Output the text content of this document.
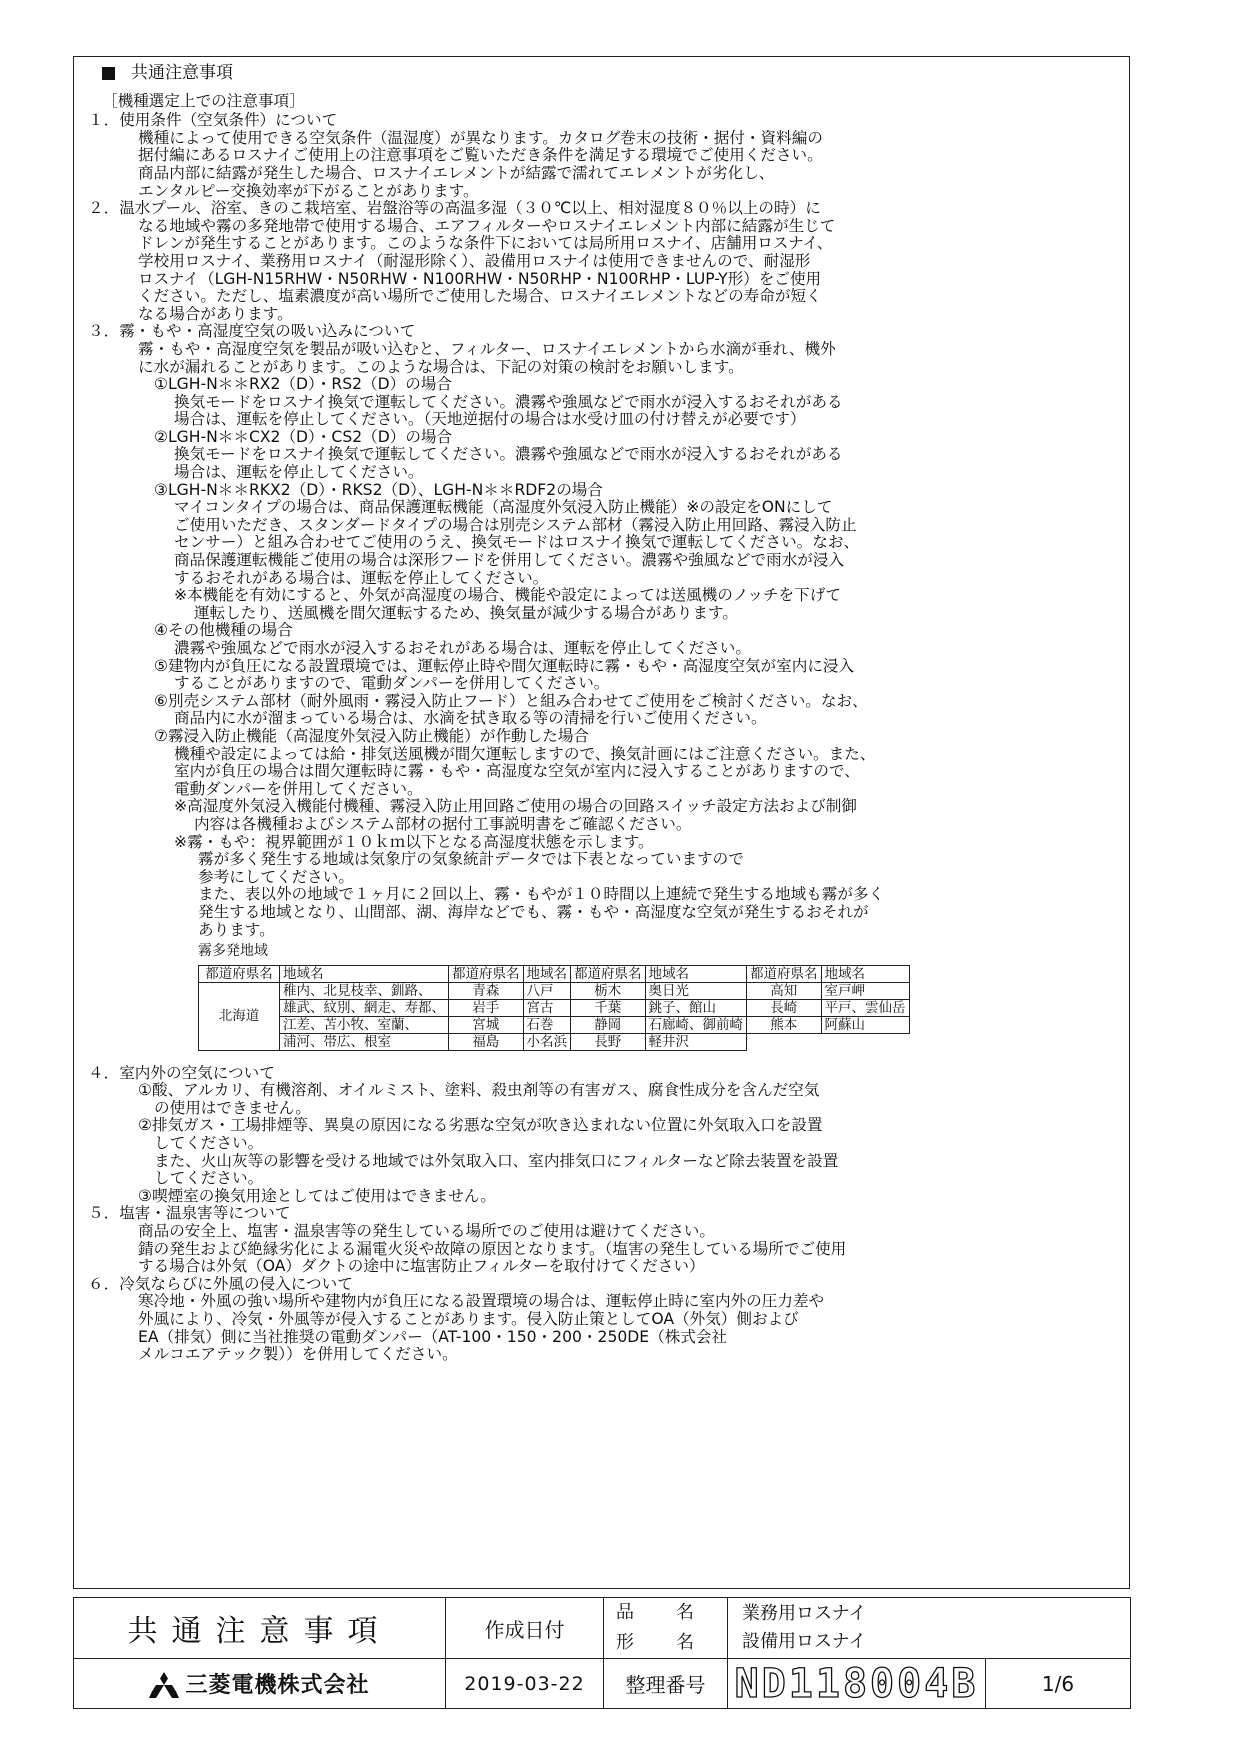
共通注意事項
［機種選定上での注意事項］
１．使用条件（空気条件）について
機種によって使用できる空気条件（温湿度）が異なります。カタログ巻末の技術・据付・資料編の
据付編にあるロスナイご使用上の注意事項をご覧いただき条件を満足する環境でご使用ください。
商品内部に結露が発生した場合、ロスナイエレメントが結露で濡れてエレメントが劣化し、
エンタルピー交換効率が下がることがあります。
２．温水プール、浴室、きのこ栽培室、岩盤浴等の高温多湿（３０℃以上、相対湿度８０％以上の時）に
なる地域や霧の多発地帯で使用する場合、エアフィルターやロスナイエレメント内部に結露が生じて
ドレンが発生することがあります。このような条件下においては局所用ロスナイ、店舗用ロスナイ、
学校用ロスナイ、業務用ロスナイ（耐湿形除く）、設備用ロスナイは使用できませんので、耐湿形
ロスナイ（LGH-N15RHW・N50RHW・N100RHW・N50RHP・N100RHP・LUP-Y形）をご使用
ください。ただし、塩素濃度が高い場所でご使用した場合、ロスナイエレメントなどの寿命が短く
なる場合があります。
３．霧・もや・高湿度空気の吸い込みについて
霧・もや・高湿度空気を製品が吸い込むと、フィルター、ロスナイエレメントから水滴が垂れ、機外
に水が漏れることがあります。このような場合は、下記の対策の検討をお願いします。
①LGH-N＊＊RX2（D）・RS2（D）の場合
換気モードをロスナイ換気で運転してください。濃霧や強風などで雨水が浸入するおそれがある
場合は、運転を停止してください。（天地逆据付の場合は水受け皿の付け替えが必要です）
②LGH-N＊＊CX2（D）・CS2（D）の場合
換気モードをロスナイ換気で運転してください。濃霧や強風などで雨水が浸入するおそれがある
場合は、運転を停止してください。
③LGH-N＊＊RKX2（D）・RKS2（D）、LGH-N＊＊RDF2の場合
マイコンタイプの場合は、商品保護運転機能（高湿度外気浸入防止機能）※の設定をONにして
ご使用いただき、スタンダードタイプの場合は別売システム部材（霧浸入防止用回路、霧浸入防止
センサー）と組み合わせてご使用のうえ、換気モードはロスナイ換気で運転してください。なお、
商品保護運転機能ご使用の場合は深形フードを併用してください。濃霧や強風などで雨水が浸入
するおそれがある場合は、運転を停止してください。
※本機能を有効にすると、外気が高湿度の場合、機能や設定によっては送風機のノッチを下げて
運転したり、送風機を間欠運転するため、換気量が減少する場合があります。
④その他機種の場合
濃霧や強風などで雨水が浸入するおそれがある場合は、運転を停止してください。
⑤建物内が負圧になる設置環境では、運転停止時や間欠運転時に霧・もや・高湿度空気が室内に浸入
することがありますので、電動ダンパーを併用してください。
⑥別売システム部材（耐外風雨・霧浸入防止フード）と組み合わせてご使用をご検討ください。なお、
商品内に水が溜まっている場合は、水滴を拭き取る等の清掃を行いご使用ください。
⑦霧浸入防止機能（高湿度外気浸入防止機能）が作動した場合
機種や設定によっては給・排気送風機が間欠運転しますので、換気計画にはご注意ください。また、
室内が負圧の場合は間欠運転時に霧・もや・高湿度な空気が室内に浸入することがありますので、
電動ダンパーを併用してください。
※高湿度外気浸入機能付機種、霧浸入防止用回路ご使用の場合の回路スイッチ設定方法および制御
内容は各機種およびシステム部材の据付工事説明書をご確認ください。
※霧・もや：視界範囲が１０ｋｍ以下となる高湿度状態を示します。
霧が多く発生する地域は気象庁の気象統計データでは下表となっていますので
参考にしてください。
また、表以外の地域で１ヶ月に２回以上、霧・もやが１０時間以上連続で発生する地域も霧が多く
発生する地域となり、山間部、湖、海岸などでも、霧・もや・高湿度な空気が発生するおそれが
あります。
霧多発地域
都道府県名	地域名	都道府県名	地域名	都道府県名	地域名	都道府県名	地域名
北海道	稚内、北見枝幸、釧路、	青森	八戸	栃木	奥日光	高知	室戸岬
	雄武、紋別、網走、寿都、	岩手	宮古	千葉	銚子、館山	長崎	平戸、雲仙岳
	江差、苫小牧、室蘭、	宮城	石巻	静岡	石廊崎、御前崎	熊本	阿蘇山
	浦河、帯広、根室	福島	小名浜	長野	軽井沢		
４．室内外の空気について
①酸、アルカリ、有機溶剤、オイルミスト、塗料、殺虫剤等の有害ガス、腐食性成分を含んだ空気
の使用はできません。
②排気ガス・工場排煙等、異臭の原因になる劣悪な空気が吹き込まれない位置に外気取入口を設置
してください。
また、火山灰等の影響を受ける地域では外気取入口、室内排気口にフィルターなど除去装置を設置
してください。
③喫煙室の換気用途としてはご使用はできません。
５．塩害・温泉害等について
商品の安全上、塩害・温泉害等の発生している場所でのご使用は避けてください。
錆の発生および絶縁劣化による漏電火災や故障の原因となります。（塩害の発生している場所でご使用
する場合は外気（OA）ダクトの途中に塩害防止フィルターを取付けてください）
６．冷気ならびに外風の侵入について
寒冷地・外風の強い場所や建物内が負圧になる設置環境の場合は、運転停止時に室内外の圧力差や
外風により、冷気・外風等が侵入することがあります。侵入防止策としてOA（外気）側および
EA（排気）側に当社推奨の電動ダンパー（AT-100・150・200・250DE（株式会社
メルコエアテック製））を併用してください。
共通注意事項	作成日付	品　　名
形　　名	業務用ロスナイ
設備用ロスナイ	
三菱電機株式会社	2019-03-22	整理番号	ND118004B	1/6
